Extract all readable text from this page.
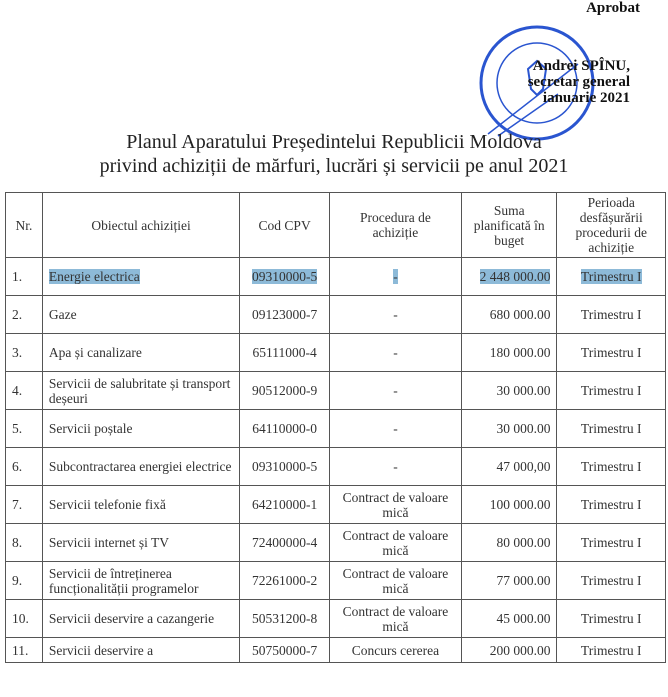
Aprobat
Andrei SPÎNU,
secretar general
ianuarie 2021
Planul Aparatului Președintelui Republicii Moldova
privind achiziții de mărfuri, lucrări și servicii pe anul 2021
Nr.	Obiectul achiziției	Cod CPV	Procedura de achiziție	Suma planificată în buget	Perioada desfășurării procedurii de achiziție
1.	Energie electrica	09310000-5	-	2 448 000.00	Trimestru I
2.	Gaze	09123000-7	-	680 000.00	Trimestru I
3.	Apa și canalizare	65111000-4	-	180 000.00	Trimestru I
4.	Servicii de salubritate și transport deșeuri	90512000-9	-	30 000.00	Trimestru I
5.	Servicii poștale	64110000-0	-	30 000.00	Trimestru I
6.	Subcontractarea energiei electrice	09310000-5	-	47 000,00	Trimestru I
7.	Servicii telefonie fixă	64210000-1	Contract de valoare mică	100 000.00	Trimestru I
8.	Servicii internet și TV	72400000-4	Contract de valoare mică	80 000.00	Trimestru I
9.	Servicii de întreținerea funcționalității programelor	72261000-2	Contract de valoare mică	77 000.00	Trimestru I
10.	Servicii deservire a cazangerie	50531200-8	Contract de valoare mică	45 000.00	Trimestru I
11.	Servicii deservire a	50750000-7	Concurs cererea	200 000.00	Trimestru I
